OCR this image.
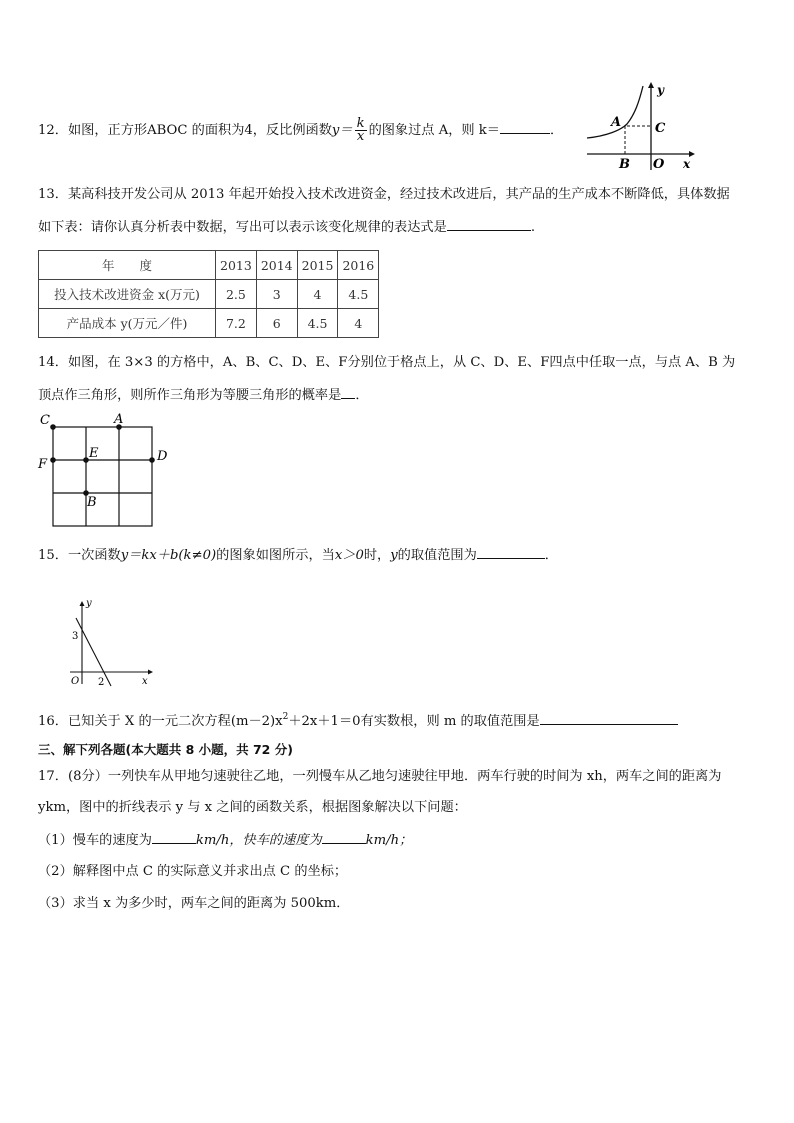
12．如图，正方形ABOC 的面积为4，反比例函数$y= \frac{k}{x}$ 的图象过点 A，则 k＝	．
A	C
B O x
y
13．某高科技开发公司从 2013 年起开始投入技术改进资金，经过技术改进后，其产品的生产成本不断降低，具体数据
如下表：请你认真分析表中数据，写出可以表示该变化规律的表达式是	.
年　　度	2013	2014	2015	2016
投入技术改进资金 x(万元)	2.5	3	4	4.5
产品成本 y(万元／件)	7.2	6	4.5	4
14．如图，在 3×3 的方格中，A、B、C、D、E、F分别位于格点上，从 C、D、E、F四点中任取一点，与点 A、B 为
顶点作三角形，则所作三角形为等腰三角形的概率是 ．
C	A
F
E	D
B
15．一次函数y＝kx＋b(k≠0)的图象如图所示，当x＞0时，y的取值范围为	．
y
x
O
3
2
16．已知关于 X 的一元二次方程$(m-2)x^2+2x+1=0$有实数根，则 m 的取值范围是
三、解下列各题(本大题共 8 小题，共 72 分)
17．(8分）一列快车从甲地匀速驶往乙地，一列慢车从乙地匀速驶往甲地．两车行驶的时间为 xh，两车之间的距离为
ykm，图中的折线表示 y 与 x 之间的函数关系，根据图象解决以下问题：
（1）慢车的速度为	km/h，快车的速度为	km/h；
（2）解释图中点 C 的实际意义并求出点 C 的坐标；
（3）求当 x 为多少时，两车之间的距离为 500km．
